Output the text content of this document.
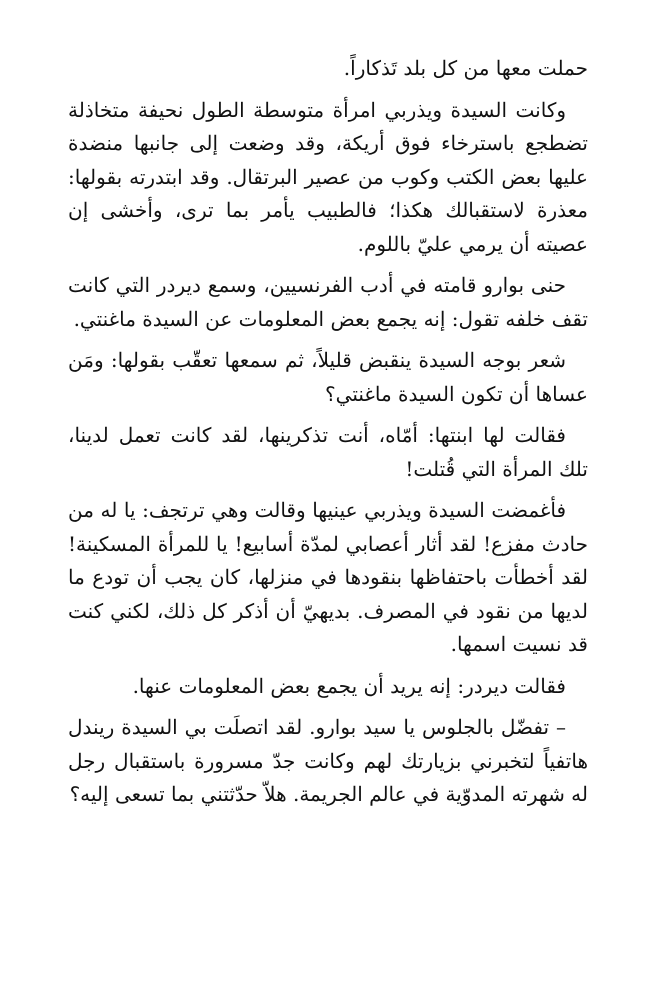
حملت معها من كل بلد تَذكاراً.

وكانت السيدة ويذربي امرأة متوسطة الطول نحيفة متخاذلة تضطجع باسترخاء فوق أريكة، وقد وضعت إلى جانبها منضدة عليها بعض الكتب وكوب من عصير البرتقال. وقد ابتدرته بقولها: معذرة لاستقبالك هكذا؛ فالطبيب يأمر بما ترى، وأخشى إن عصيته أن يرمي عليّ باللوم.

حنى بوارو قامته في أدب الفرنسيين، وسمع ديردر التي كانت تقف خلفه تقول: إنه يجمع بعض المعلومات عن السيدة ماغنتي.

شعر بوجه السيدة ينقبض قليلاً، ثم سمعها تعقّب بقولها: ومَن عساها أن تكون السيدة ماغنتي؟

فقالت لها ابنتها: أمّاه، أنت تذكرينها، لقد كانت تعمل لدينا، تلك المرأة التي قُتلت!

فأغمضت السيدة ويذربي عينيها وقالت وهي ترتجف: يا له من حادث مفزع! لقد أثار أعصابي لمدّة أسابيع! يا للمرأة المسكينة! لقد أخطأت باحتفاظها بنقودها في منزلها، كان يجب أن تودع ما لديها من نقود في المصرف. بديهيّ أن أذكر كل ذلك، لكني كنت قد نسيت اسمها.

فقالت ديردر: إنه يريد أن يجمع بعض المعلومات عنها.

– تفضّل بالجلوس يا سيد بوارو. لقد اتصلَت بي السيدة ريندل هاتفياً لتخبرني بزيارتك لهم وكانت جدّ مسرورة باستقبال رجل له شهرته المدوّية في عالم الجريمة. هلاّ حدّثتني بما تسعى إليه؟
